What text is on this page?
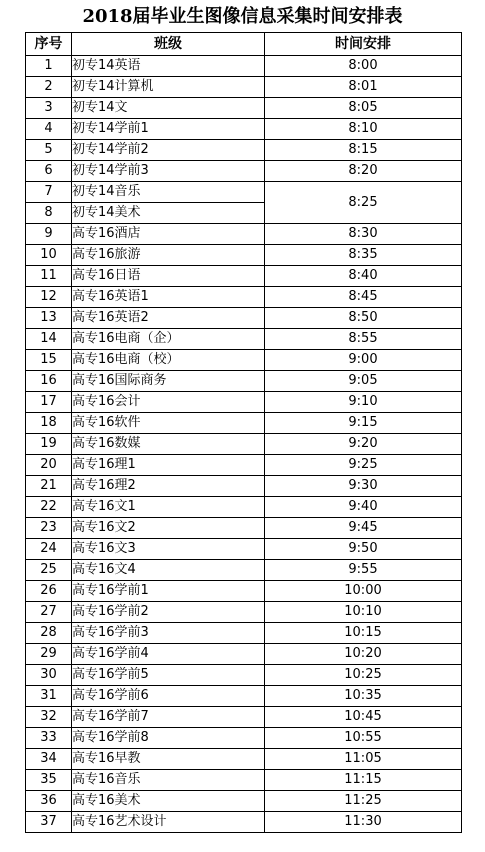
2018届毕业生图像信息采集时间安排表
序号	班级	时间安排
1	初专14英语	8:00
2	初专14计算机	8:01
3	初专14文	8:05
4	初专14学前1	8:10
5	初专14学前2	8:15
6	初专14学前3	8:20
7	初专14音乐	8:25
8	初专14美术	
9	高专16酒店	8:30
10	高专16旅游	8:35
11	高专16日语	8:40
12	高专16英语1	8:45
13	高专16英语2	8:50
14	高专16电商（企）	8:55
15	高专16电商（校）	9:00
16	高专16国际商务	9:05
17	高专16会计	9:10
18	高专16软件	9:15
19	高专16数媒	9:20
20	高专16理1	9:25
21	高专16理2	9:30
22	高专16文1	9:40
23	高专16文2	9:45
24	高专16文3	9:50
25	高专16文4	9:55
26	高专16学前1	10:00
27	高专16学前2	10:10
28	高专16学前3	10:15
29	高专16学前4	10:20
30	高专16学前5	10:25
31	高专16学前6	10:35
32	高专16学前7	10:45
33	高专16学前8	10:55
34	高专16早教	11:05
35	高专16音乐	11:15
36	高专16美术	11:25
37	高专16艺术设计	11:30
